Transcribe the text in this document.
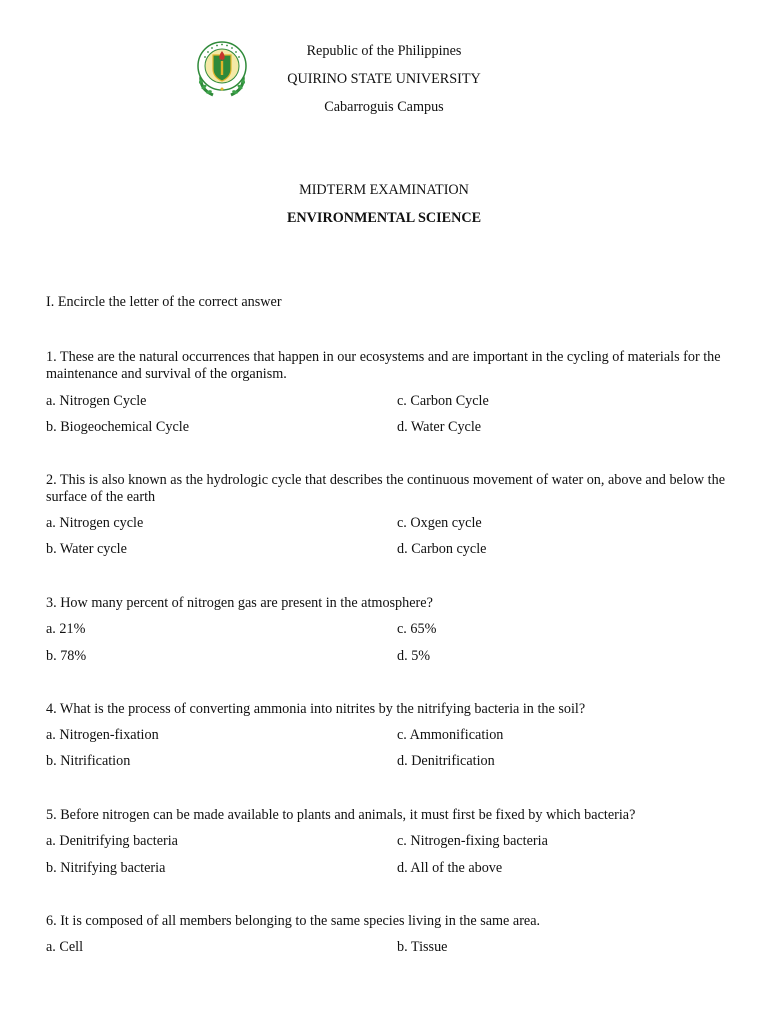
Republic of the Philippines
QUIRINO STATE UNIVERSITY
Cabarroguis Campus
MIDTERM EXAMINATION
ENVIRONMENTAL SCIENCE
I. Encircle the letter of the correct answer
1. These are the natural occurrences that happen in our ecosystems and are important in the cycling of materials for the maintenance and survival of the organism.
a. Nitrogen Cycle	c. Carbon Cycle
b. Biogeochemical Cycle	d. Water Cycle
2. This is also known as the hydrologic cycle that describes the continuous movement of water on, above and below the surface of the earth
a. Nitrogen cycle	c. Oxgen cycle
b. Water cycle	d. Carbon cycle
3. How many percent of nitrogen gas are present in the atmosphere?
a. 21%	c. 65%
b. 78%	d. 5%
4. What is the process of converting ammonia into nitrites by the nitrifying bacteria in the soil?
a. Nitrogen-fixation	c. Ammonification
b. Nitrification	d. Denitrification
5. Before nitrogen can be made available to plants and animals, it must first be fixed by which bacteria?
a. Denitrifying bacteria	c. Nitrogen-fixing bacteria
b. Nitrifying bacteria	d. All of the above
6. It is composed of all members belonging to the same species living in the same area.
a. Cell	b. Tissue
